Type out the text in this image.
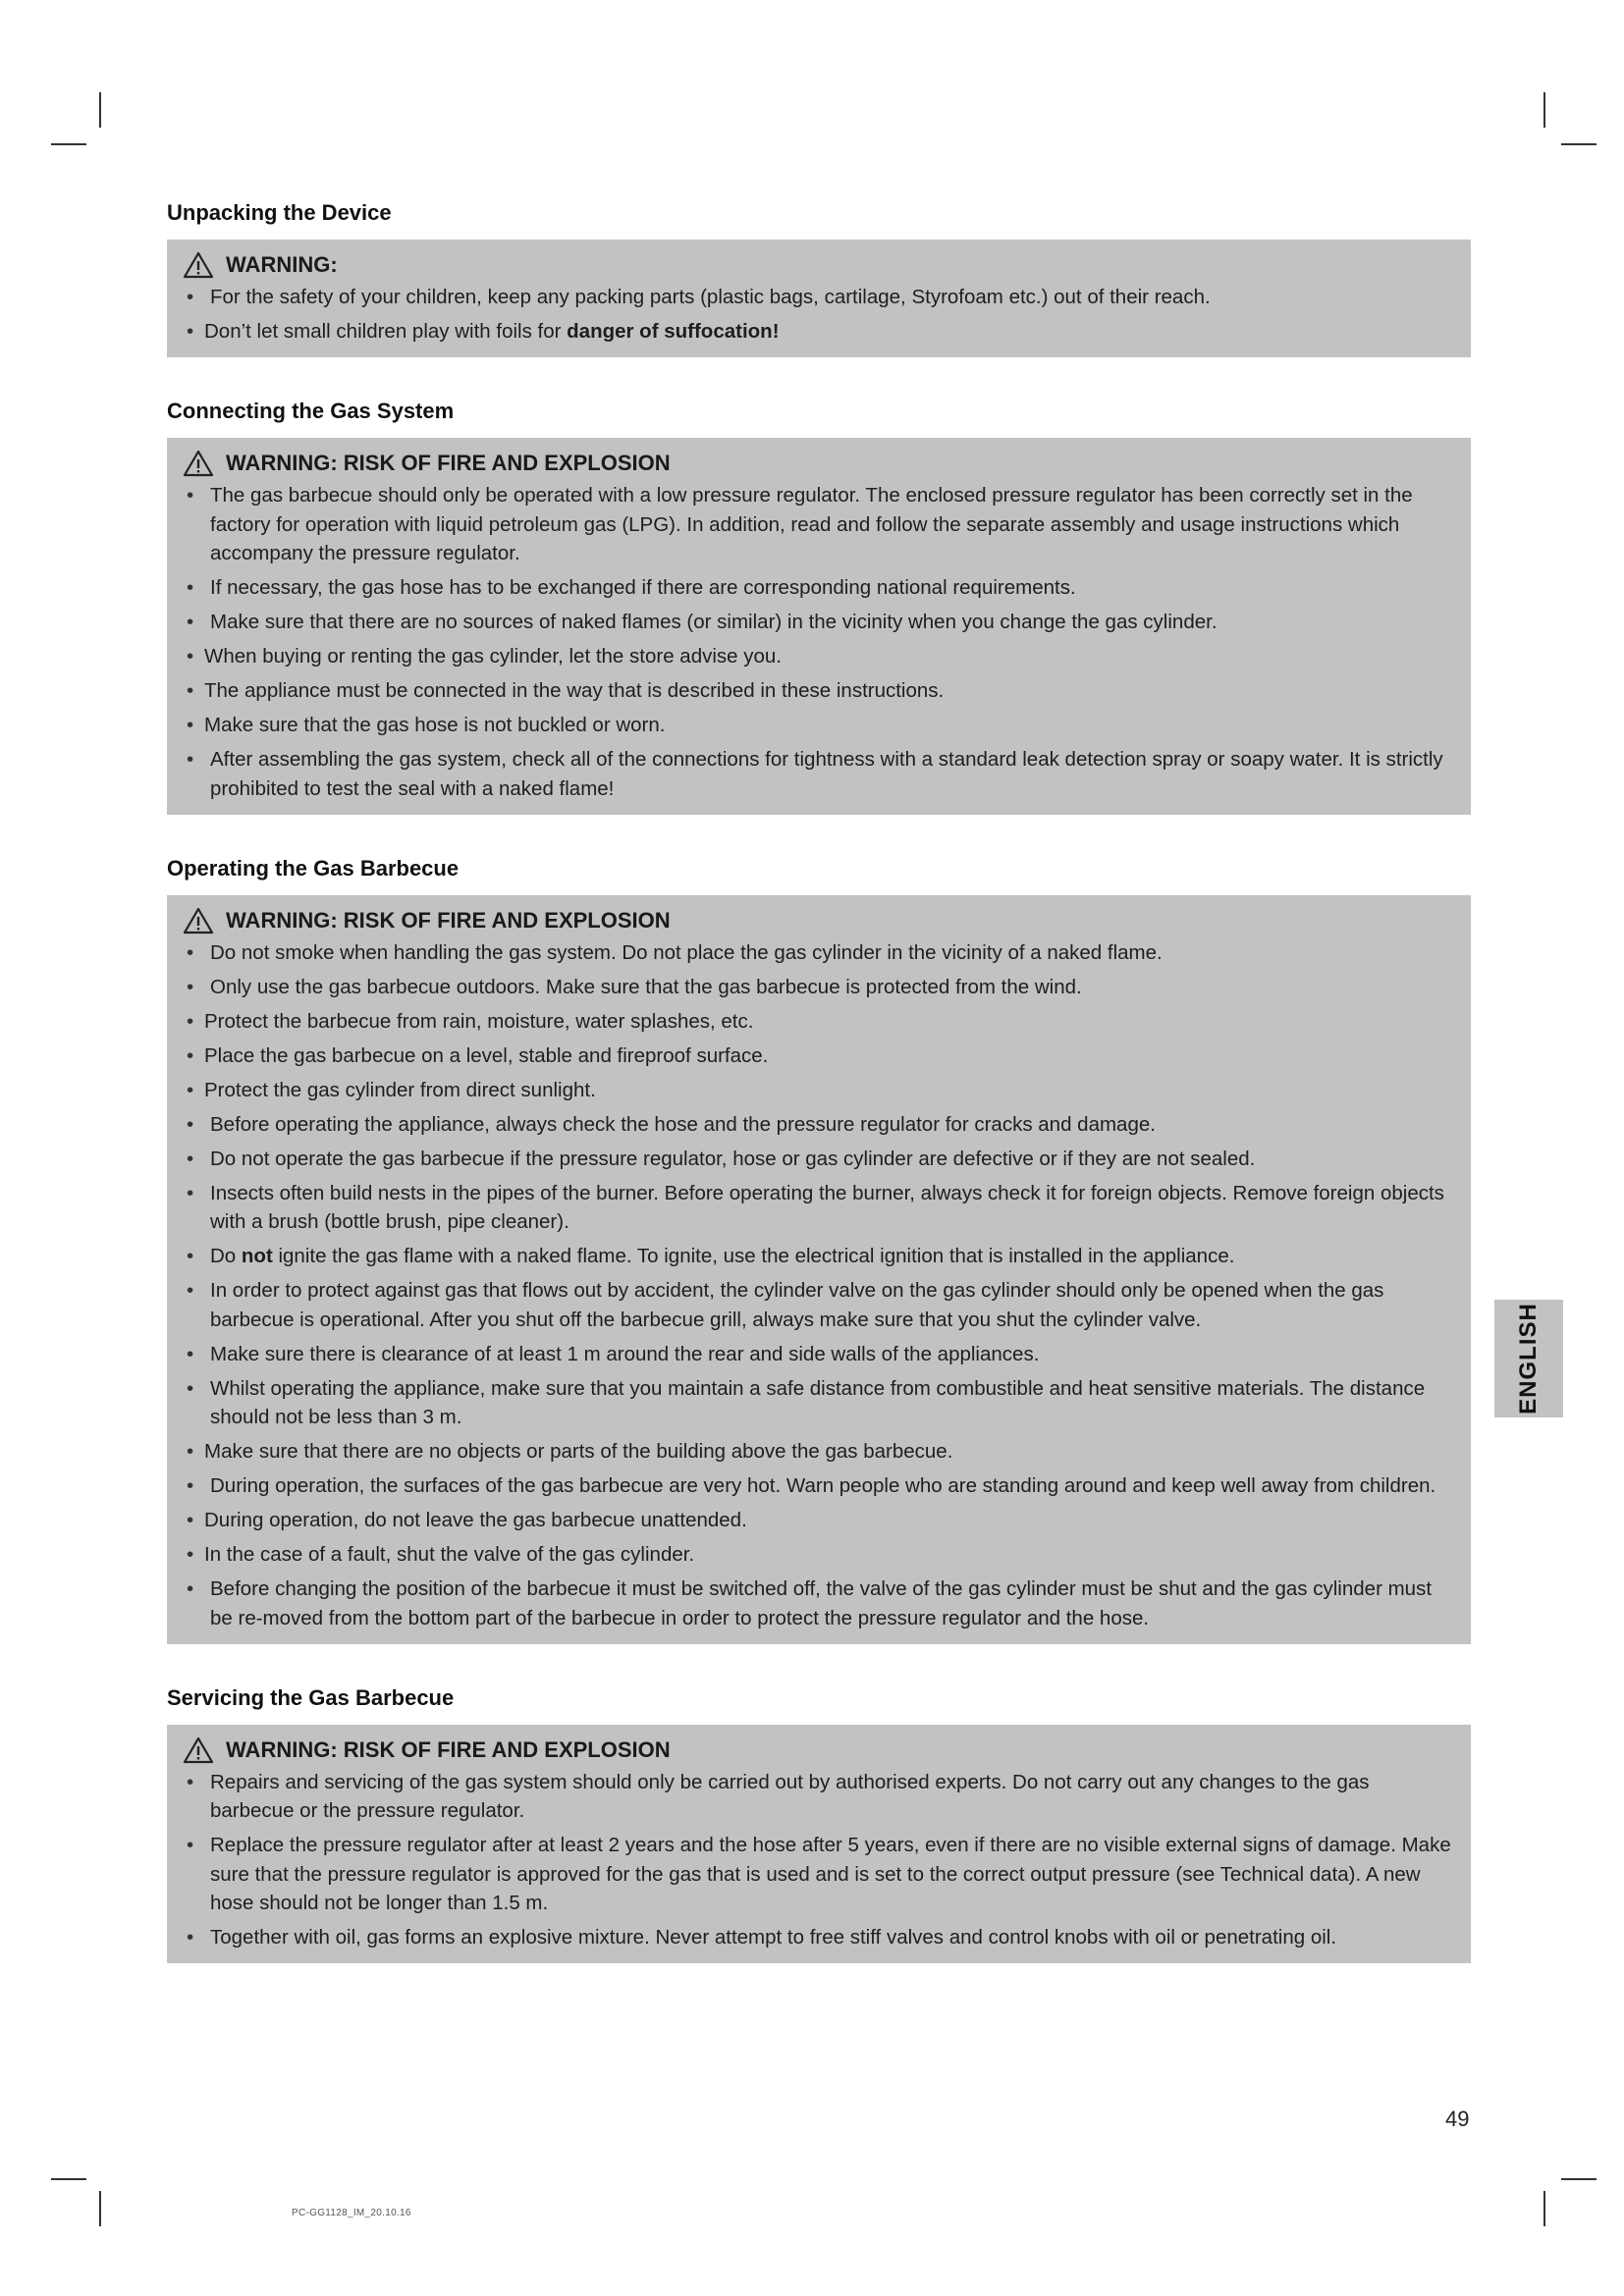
Unpacking the Device
WARNING:
• For the safety of your children, keep any packing parts (plastic bags, cartilage, Styrofoam etc.) out of their reach.
• Don’t let small children play with foils for danger of suffocation!
Connecting the Gas System
WARNING: RISK OF FIRE AND EXPLOSION
• The gas barbecue should only be operated with a low pressure regulator. The enclosed pressure regulator has been correctly set in the factory for operation with liquid petroleum gas (LPG). In addition, read and follow the separate assembly and usage instructions which accompany the pressure regulator.
• If necessary, the gas hose has to be exchanged if there are corresponding national requirements.
• Make sure that there are no sources of naked flames (or similar) in the vicinity when you change the gas cylinder.
• When buying or renting the gas cylinder, let the store advise you.
• The appliance must be connected in the way that is described in these instructions.
• Make sure that the gas hose is not buckled or worn.
• After assembling the gas system, check all of the connections for tightness with a standard leak detection spray or soapy water. It is strictly prohibited to test the seal with a naked flame!
Operating the Gas Barbecue
WARNING: RISK OF FIRE AND EXPLOSION
• Do not smoke when handling the gas system. Do not place the gas cylinder in the vicinity of a naked flame.
• Only use the gas barbecue outdoors. Make sure that the gas barbecue is protected from the wind.
• Protect the barbecue from rain, moisture, water splashes, etc.
• Place the gas barbecue on a level, stable and fireproof surface.
• Protect the gas cylinder from direct sunlight.
• Before operating the appliance, always check the hose and the pressure regulator for cracks and damage.
• Do not operate the gas barbecue if the pressure regulator, hose or gas cylinder are defective or if they are not sealed.
• Insects often build nests in the pipes of the burner. Before operating the burner, always check it for foreign objects. Remove foreign objects with a brush (bottle brush, pipe cleaner).
• Do not ignite the gas flame with a naked flame. To ignite, use the electrical ignition that is installed in the appliance.
• In order to protect against gas that flows out by accident, the cylinder valve on the gas cylinder should only be opened when the gas barbecue is operational. After you shut off the barbecue grill, always make sure that you shut the cylinder valve.
• Make sure there is clearance of at least 1 m around the rear and side walls of the appliances.
• Whilst operating the appliance, make sure that you maintain a safe distance from combustible and heat sensitive materials. The distance should not be less than 3 m.
• Make sure that there are no objects or parts of the building above the gas barbecue.
• During operation, the surfaces of the gas barbecue are very hot. Warn people who are standing around and keep well away from children.
• During operation, do not leave the gas barbecue unattended.
• In the case of a fault, shut the valve of the gas cylinder.
• Before changing the position of the barbecue it must be switched off, the valve of the gas cylinder must be shut and the gas cylinder must be re-moved from the bottom part of the barbecue in order to protect the pressure regulator and the hose.
Servicing the Gas Barbecue
WARNING: RISK OF FIRE AND EXPLOSION
• Repairs and servicing of the gas system should only be carried out by authorised experts. Do not carry out any changes to the gas barbecue or the pressure regulator.
• Replace the pressure regulator after at least 2 years and the hose after 5 years, even if there are no visible external signs of damage. Make sure that the pressure regulator is approved for the gas that is used and is set to the correct output pressure (see Technical data). A new hose should not be longer than 1.5 m.
• Together with oil, gas forms an explosive mixture. Never attempt to free stiff valves and control knobs with oil or penetrating oil.
ENGLISH
49
PC-GG1128_IM_20.10.16
